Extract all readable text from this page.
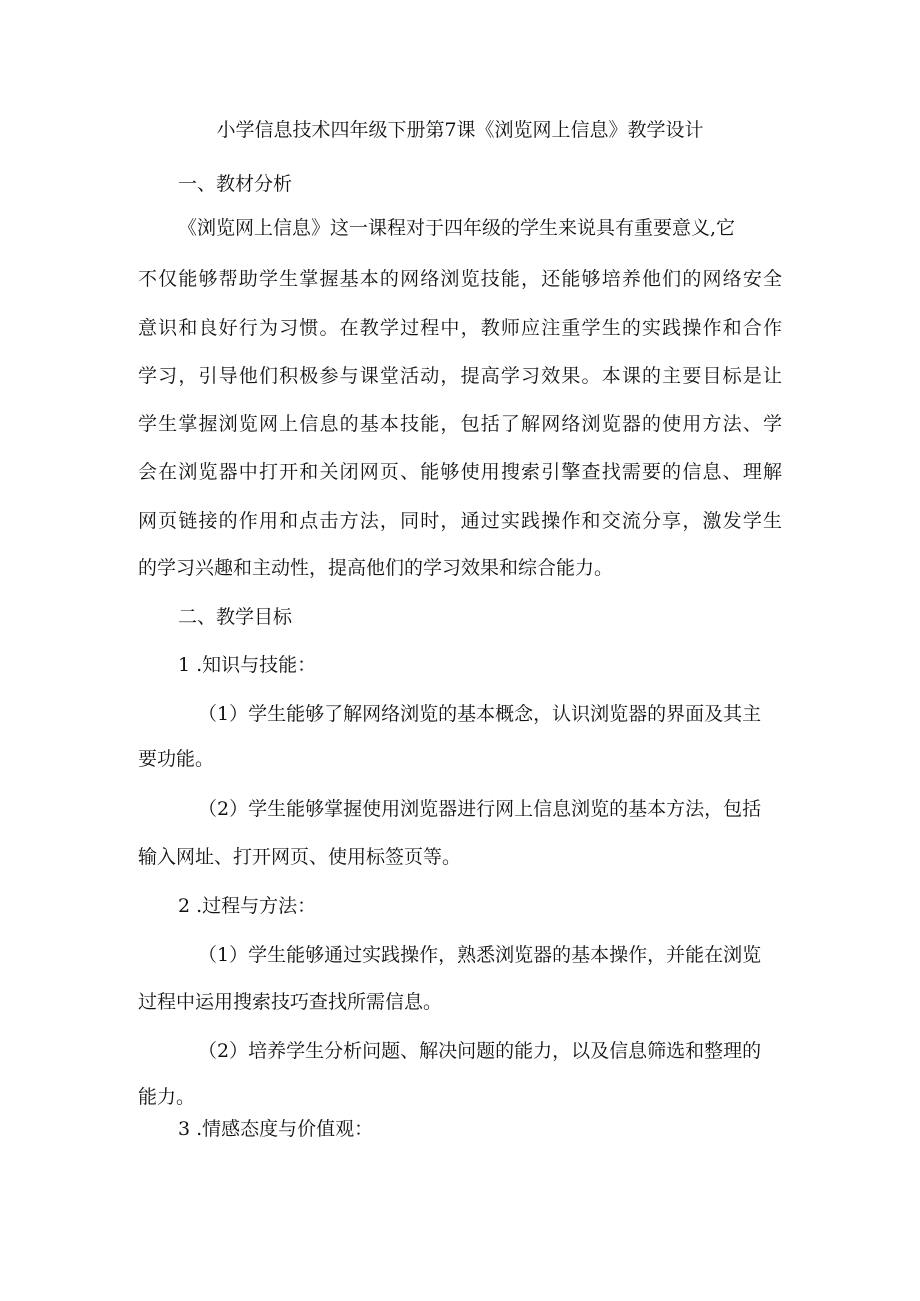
小学信息技术四年级下册第7课《浏览网上信息》教学设计
一、教材分析
《浏览网上信息》这一课程对于四年级的学生来说具有重要意义,它
不仅能够帮助学生掌握基本的网络浏览技能，还能够培养他们的网络安全
意识和良好行为习惯。在教学过程中，教师应注重学生的实践操作和合作
学习，引导他们积极参与课堂活动，提高学习效果。本课的主要目标是让
学生掌握浏览网上信息的基本技能，包括了解网络浏览器的使用方法、学
会在浏览器中打开和关闭网页、能够使用搜索引擎查找需要的信息、理解
网页链接的作用和点击方法，同时，通过实践操作和交流分享，激发学生
的学习兴趣和主动性，提高他们的学习效果和综合能力。
二、教学目标
1 .知识与技能：
（1）学生能够了解网络浏览的基本概念，认识浏览器的界面及其主
要功能。
（2）学生能够掌握使用浏览器进行网上信息浏览的基本方法，包括
输入网址、打开网页、使用标签页等。
2 .过程与方法：
（1）学生能够通过实践操作，熟悉浏览器的基本操作，并能在浏览
过程中运用搜索技巧查找所需信息。
（2）培养学生分析问题、解决问题的能力，以及信息筛选和整理的
能力。
3 .情感态度与价值观：
